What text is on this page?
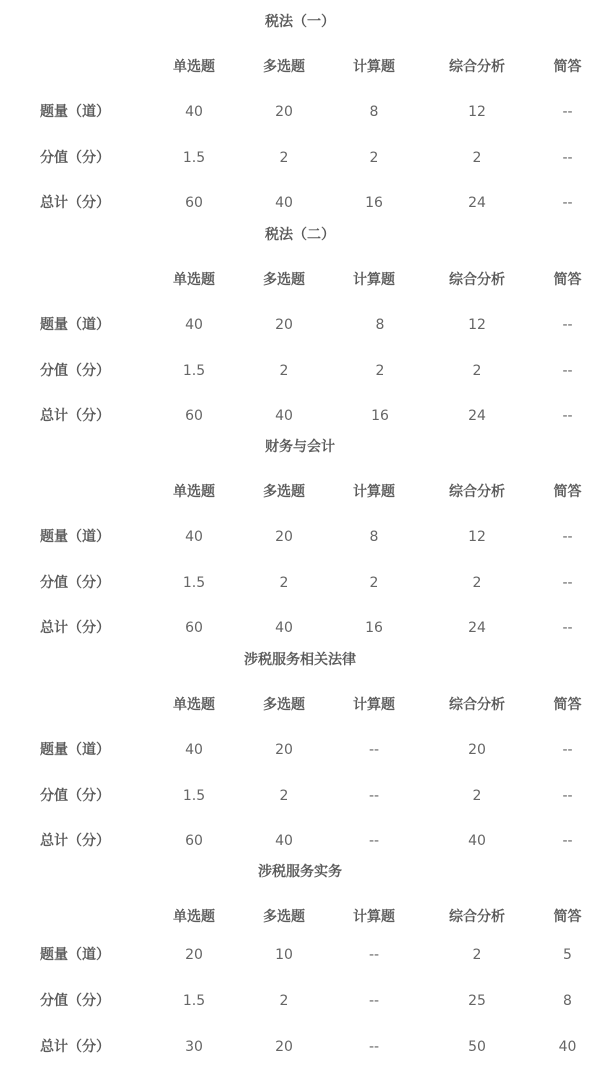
税法（一）
单选题	多选题	计算题	综合分析	简答
题量（道）	40	20	8	12	--
分值（分）	1.5	2	2	2	--
总计（分）	60	40	16	24	--
税法（二）
单选题	多选题	计算题	综合分析	简答
题量（道）	40	20	8	12	--
分值（分）	1.5	2	2	2	--
总计（分）	60	40	16	24	--
财务与会计
单选题	多选题	计算题	综合分析	简答
题量（道）	40	20	8	12	--
分值（分）	1.5	2	2	2	--
总计（分）	60	40	16	24	--
涉税服务相关法律
单选题	多选题	计算题	综合分析	简答
题量（道）	40	20	--	20	--
分值（分）	1.5	2	--	2	--
总计（分）	60	40	--	40	--
涉税服务实务
单选题	多选题	计算题	综合分析	简答
题量（道）	20	10	--	2	5
分值（分）	1.5	2	--	25	8
总计（分）	30	20	--	50	40
